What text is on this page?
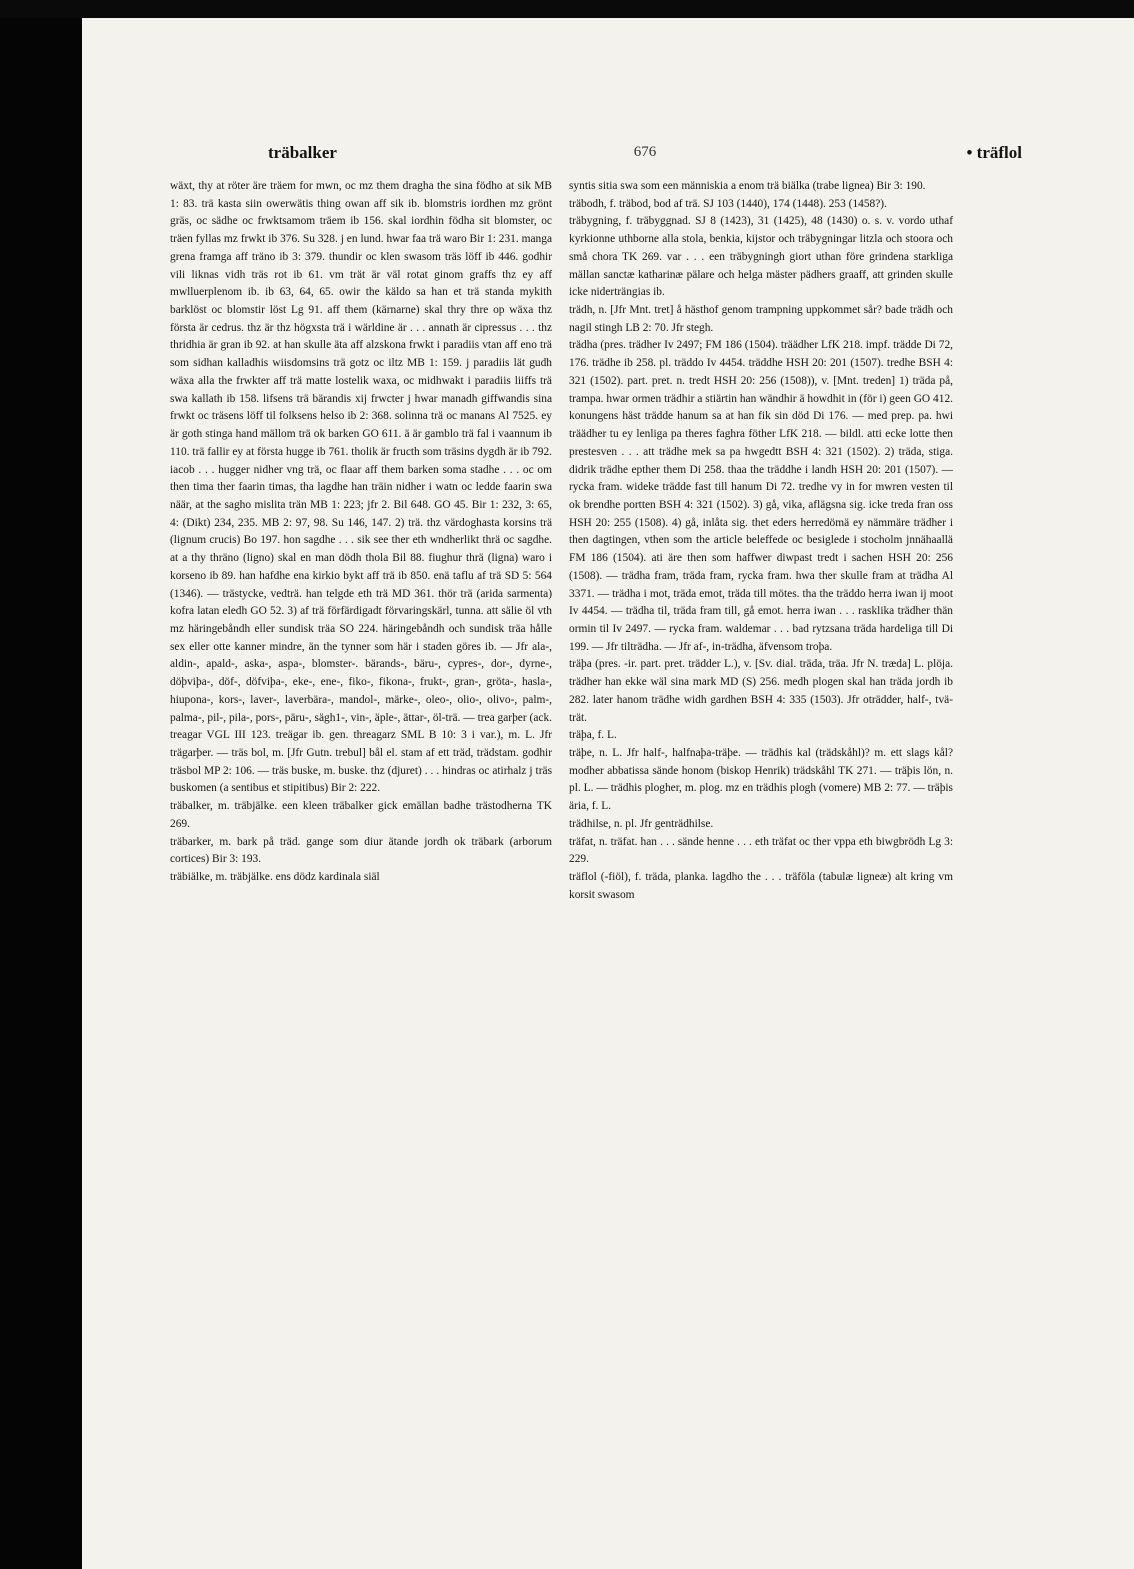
träbalker	676	• träflol

wäxt, thy at röter äre träem for mwn, oc mz them dragha the sina födho at sik MB 1: 83. trä kasta siin owerwätis thing owan aff sik ib. blomstris iordhen mz grönt gräs, oc sädhe oc frwktsamom träem ib 156. skal iordhin födha sit blomster, oc träen fyllas mz frwkt ib 376. Su 328. j en lund. hwar faa trä waro Bir 1: 231. manga grena framga aff träno ib 3: 379. thundir oc klen swasom träs löff ib 446. godhir vili liknas vidh träs rot ib 61. vm trät är väl rotat ginom graffs thz ey aff mwlluerplenom ib. ib 63, 64, 65. owir the käldo sa han et trä standa mykith barklöst oc blomstir löst Lg 91. aff them (kärnarne) skal thry thre op wäxa thz första är cedrus. thz är thz högxsta trä i wärldine är . . . annath är cipressus . . . thz thridhia är gran ib 92. at han skulle äta aff alzskona frwkt i paradiis vtan aff eno trä som sidhan kalladhis wiisdomsins trä gotz oc iltz MB 1: 159. j paradiis lät gudh wäxa alla the frwkter aff trä matte lostelik waxa, oc midhwakt i paradiis liiffs trä swa kallath ib 158. lifsens trä bärandis xij frwcter j hwar manadh giffwandis sina frwkt oc träsens löff til folksens helso ib 2: 368. solinna trä oc manans Al 7525. ey är goth stinga hand mällom trä ok barken GO 611. ä är gamblo trä fal i vaannum ib 110. trä fallir ey at första hugge ib 761. tholik är fructh som träsins dygdh är ib 792. iacob . . . hugger nidher vng trä, oc flaar aff them barken soma stadhe . . . oc om then tima ther faarin timas, tha lagdhe han träin nidher i watn oc ledde faarin swa näär, at the sagho mislita trän MB 1: 223; jfr 2. Bil 648. GO 45. Bir 1: 232, 3: 65, 4: (Dikt) 234, 235. MB 2: 97, 98. Su 146, 147. 2) trä. thz värdoghasta korsins trä (lignum crucis) Bo 197. hon sagdhe . . . sik see ther eth wndherlikt thrä oc sagdhe. at a thy thräno (ligno) skal en man dödh thola Bil 88. fiughur thrä (ligna) waro i korseno ib 89. han hafdhe ena kirkio bykt aff trä ib 850. enä taflu af trä SD 5: 564 (1346). — trästycke, vedträ. han telgde eth trä MD 361. thör trä (arida sarmenta) kofra latan eledh GO 52. 3) af trä förfärdigadt förvaringskärl, tunna. att sälie öl vth mz häringebåndh eller sundisk träa SO 224. häringebåndh och sundisk träa hålle sex eller otte kanner mindre, än the tynner som här i staden göres ib. — Jfr ala-, aldin-, apald-, aska-, aspa-, blomster-. bärands-, bäru-, cypres-, dor-, dyrne-, döþviþa-, döf-, döfviþa-, eke-, ene-, fiko-, fikona-, frukt-, gran-, gröta-, hasla-, hiupona-, kors-, laver-, laverbära-, mandol-, märke-, oleo-, olio-, olivo-, palm-, palma-, pil-, pila-, pors-, päru-, sägh1-, vin-, äple-, ättar-, öl-trä. — trea garþer (ack. treagar VGL III 123. treägar ib. gen. threagarz SML B 10: 3 i var.), m. L. Jfr trägarþer. — träs bol, m. [Jfr Gutn. trebul] bål el. stam af ett träd, trädstam. godhir träsbol MP 2: 106. — träs buske, m. buske. thz (djuret) . . . hindras oc atirhalz j träs buskomen (a sentibus et stipitibus) Bir 2: 222.

träbalker, m. träbjälke. een kleen träbalker gick emällan badhe trästodherna TK 269.

träbarker, m. bark på träd. gange som diur ätande jordh ok träbark (arborum cortices) Bir 3: 193.

träbiälke, m. träbjälke. ens dödz kardinala siäl

syntis sitia swa som een människia a enom trä biälka (trabe lignea) Bir 3: 190.

träbodh, f. träbod, bod af trä. SJ 103 (1440), 174 (1448). 253 (1458?).

träbygning, f. träbyggnad. SJ 8 (1423), 31 (1425), 48 (1430) o. s. v. vordo uthaf kyrkionne uthborne alla stola, benkia, kijstor och träbygningar litzla och stoora och små chora TK 269. var . . . een träbygningh giort uthan före grindena starkliga mällan sanctæ katharinæ pälare och helga mäster pädhers graaff, att grinden skulle icke niderträngias ib.

trädh, n. [Jfr Mnt. tret] å hästhof genom trampning uppkommet sår? bade trädh och nagil stingh LB 2: 70. Jfr stegh.

trädha (pres. trädher Iv 2497; FM 186 (1504). träädher LfK 218. impf. trädde Di 72, 176. trädhe ib 258. pl. träddo Iv 4454. träddhe HSH 20: 201 (1507). tredhe BSH 4: 321 (1502). part. pret. n. tredt HSH 20: 256 (1508)), v. [Mnt. treden] 1) träda på, trampa. hwar ormen trädhir a stiärtin han wändhir ä howdhit in (för i) geen GO 412. konungens häst trädde hanum sa at han fik sin död Di 176. — med prep. pa. hwi träädher tu ey lenliga pa theres faghra föther LfK 218. — bildl. atti ecke lotte then prestesven . . . att trädhe mek sa pa hwgedtt BSH 4: 321 (1502). 2) träda, stiga. didrik trädhe epther them Di 258. thaa the träddhe i landh HSH 20: 201 (1507). — rycka fram. wideke trädde fast till hanum Di 72. tredhe vy in for mwren vesten til ok brendhe portten BSH 4: 321 (1502). 3) gå, vika, aflägsna sig. icke treda fran oss HSH 20: 255 (1508). 4) gå, inlåta sig. thet eders herredömä ey nämmäre trädher i then dagtingen, vthen som the article beleffede oc besiglede i stocholm jnnähaallä FM 186 (1504). ati äre then som haffwer diwpast tredt i sachen HSH 20: 256 (1508). — trädha fram, träda fram, rycka fram. hwa ther skulle fram at trädha Al 3371. — trädha i mot, träda emot, träda till mötes. tha the träddo herra iwan ij moot Iv 4454. — trädha til, träda fram till, gå emot. herra iwan . . . rasklika trädher thän ormin til Iv 2497. — rycka fram. waldemar . . . bad rytzsana träda hardeliga till Di 199. — Jfr tilträdha. — Jfr af-, in-trädha, äfvensom troþa.

träþa (pres. -ir. part. pret. trädder L.), v. [Sv. dial. träda, träa. Jfr N. træda] L. plöja. trädher han ekke wäl sina mark MD (S) 256. medh plogen skal han träda jordh ib 282. later hanom trädhe widh gardhen BSH 4: 335 (1503). Jfr oträdder, half-, tvä-trät.

träþa, f. L.

träþe, n. L. Jfr half-, halfnaþa-träþe. — trädhis kal (trädskåhl)? m. ett slags kål? modher abbatissa sände honom (biskop Henrik) trädskåhl TK 271. — träþis lön, n. pl. L. — trädhis plogher, m. plog. mz en trädhis plogh (vomere) MB 2: 77. — träþis äria, f. L.

trädhilse, n. pl. Jfr genträdhilse.

träfat, n. träfat. han . . . sände henne . . . eth träfat oc ther vppa eth biwgbrödh Lg 3: 229.

träflol (-fiöl), f. träda, planka. lagdho the . . . träföla (tabulæ ligneæ) alt kring vm korsit swasom
